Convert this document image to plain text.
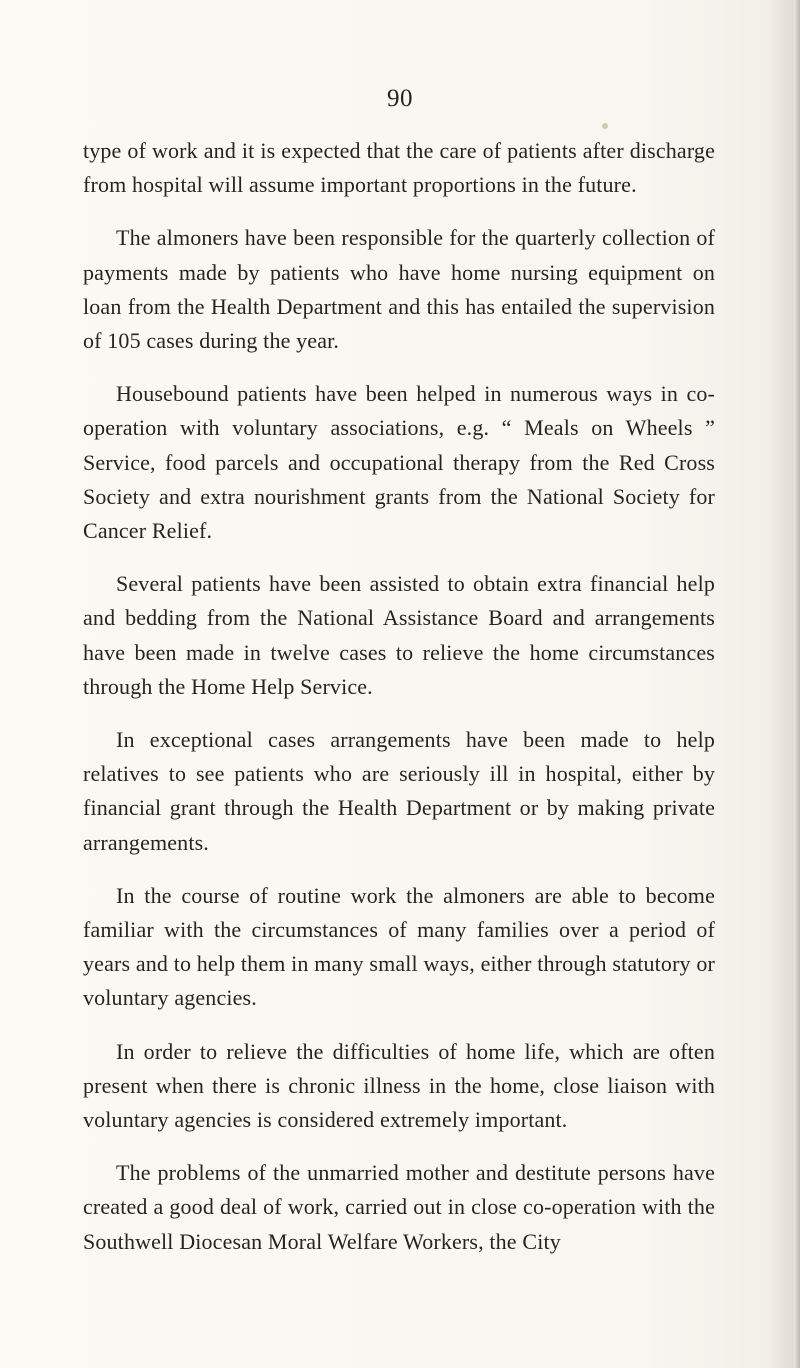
90

type of work and it is expected that the care of patients after discharge from hospital will assume important proportions in the future.

The almoners have been responsible for the quarterly collection of payments made by patients who have home nursing equipment on loan from the Health Department and this has entailed the supervision of 105 cases during the year.

Housebound patients have been helped in numerous ways in co-operation with voluntary associations, e.g. “ Meals on Wheels ” Service, food parcels and occupational therapy from the Red Cross Society and extra nourishment grants from the National Society for Cancer Relief.

Several patients have been assisted to obtain extra financial help and bedding from the National Assistance Board and arrangements have been made in twelve cases to relieve the home circumstances through the Home Help Service.

In exceptional cases arrangements have been made to help relatives to see patients who are seriously ill in hospital, either by financial grant through the Health Department or by making private arrangements.

In the course of routine work the almoners are able to become familiar with the circumstances of many families over a period of years and to help them in many small ways, either through statutory or voluntary agencies.

In order to relieve the difficulties of home life, which are often present when there is chronic illness in the home, close liaison with voluntary agencies is considered extremely important.

The problems of the unmarried mother and destitute persons have created a good deal of work, carried out in close co-operation with the Southwell Diocesan Moral Welfare Workers, the City
